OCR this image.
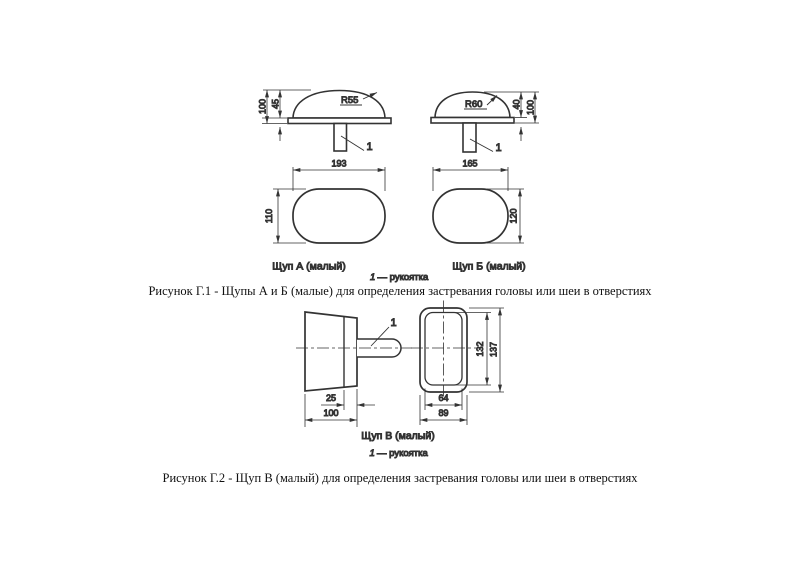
R55
1
100 45	R60
1
40 100
193
110
Щуп А (малый)
165
120
Щуп Б (малый)
1 — рукоятка
1
25
100
132 137
64
89
Щуп В (малый)
1 — рукоятка
Рисунок Г.1 - Щупы А и Б (малые) для определения застревания головы или шеи в отверстиях
Рисунок Г.2 - Щуп В (малый) для определения застревания головы или шеи в отверстиях
